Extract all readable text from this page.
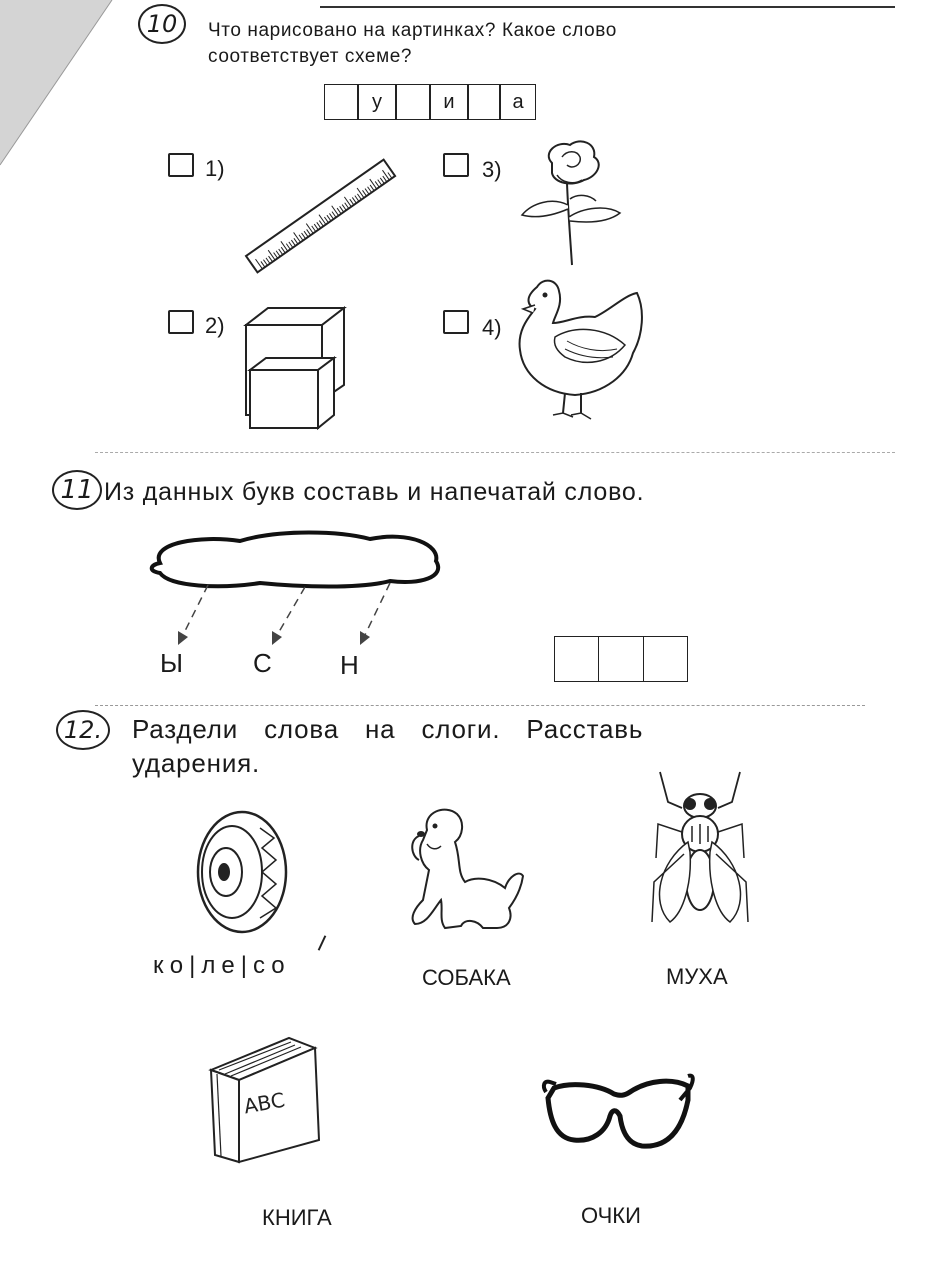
10	Что нарисовано на картинках? Какое слово
соответствует схеме?
у	и	а
1)
2)
3)
4)
11 Из данных букв составь и напечатай слово.
Ы	С	Н
12.	Раздели слова на слоги. Расставь
ударения.
ко|ле|со	СОБАКА	МУХА
ABC
КНИГА	ОЧКИ
